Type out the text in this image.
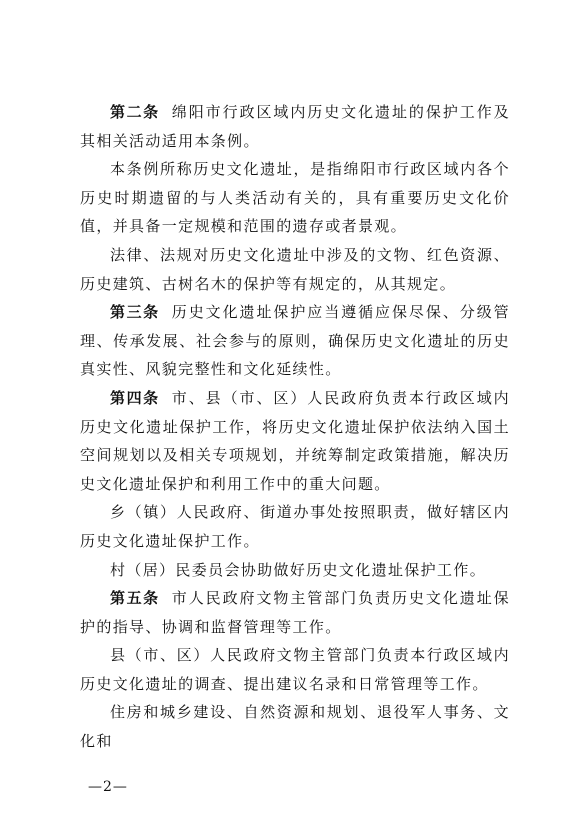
第二条 绵阳市行政区域内历史文化遗址的保护工作及其相关活动适用本条例。

本条例所称历史文化遗址，是指绵阳市行政区域内各个历史时期遗留的与人类活动有关的，具有重要历史文化价值，并具备一定规模和范围的遗存或者景观。

法律、法规对历史文化遗址中涉及的文物、红色资源、历史建筑、古树名木的保护等有规定的，从其规定。

第三条 历史文化遗址保护应当遵循应保尽保、分级管理、传承发展、社会参与的原则，确保历史文化遗址的历史真实性、风貌完整性和文化延续性。

第四条 市、县（市、区）人民政府负责本行政区域内历史文化遗址保护工作，将历史文化遗址保护依法纳入国土空间规划以及相关专项规划，并统筹制定政策措施，解决历史文化遗址保护和利用工作中的重大问题。

乡（镇）人民政府、街道办事处按照职责，做好辖区内历史文化遗址保护工作。

村（居）民委员会协助做好历史文化遗址保护工作。

第五条 市人民政府文物主管部门负责历史文化遗址保护的指导、协调和监督管理等工作。

县（市、区）人民政府文物主管部门负责本行政区域内历史文化遗址的调查、提出建议名录和日常管理等工作。

住房和城乡建设、自然资源和规划、退役军人事务、文化和

—2—
